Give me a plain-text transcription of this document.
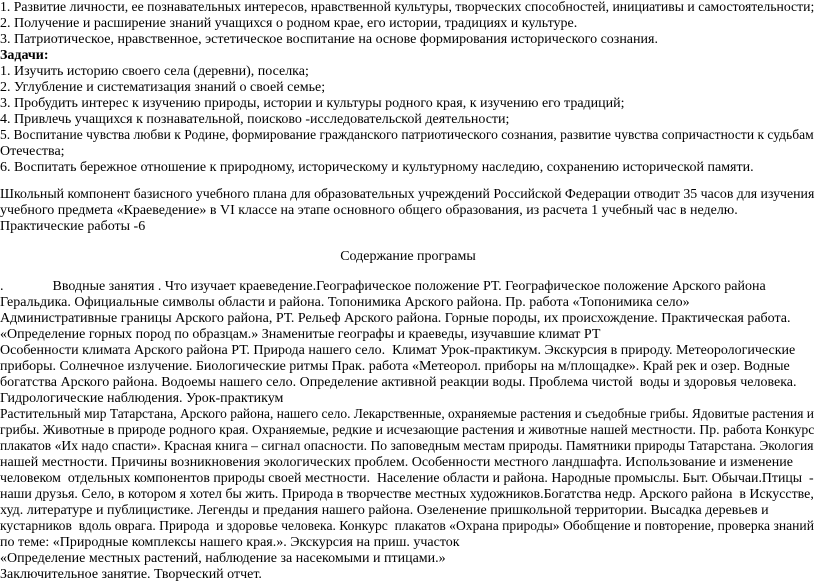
1. Развитие личности, ее познавательных интересов, нравственной культуры, творческих способностей, инициативы и самостоятельности;
2. Получение и расширение знаний учащихся о родном крае, его истории, традициях и культуре.
3. Патриотическое, нравственное, эстетическое воспитание на основе формирования исторического сознания.
Задачи:
1. Изучить историю своего села (деревни), поселка;
2. Углубление и систематизация знаний о своей семье;
3. Пробудить интерес к изучению природы, истории и культуры родного края, к изучению его традиций;
4. Привлечь учащихся к познавательной, поисково -исследовательской деятельности;
5. Воспитание чувства любви к Родине, формирование гражданского патриотического сознания, развитие чувства сопричастности к судьбам
Отечества;
6. Воспитать бережное отношение к природному, историческому и культурному наследию, сохранению исторической памяти.
Школьный компонент базисного учебного плана для образовательных учреждений Российской Федерации отводит 35 часов для изучения
учебного предмета «Краеведение» в VI классе на этапе основного общего образования, из расчета 1 учебный час в неделю.
Практические работы -6
Содержание програмы
.              Вводные занятия . Что изучает краеведение.Географическое положение РТ. Географическое положение Арского района
Геральдика. Официальные символы области и района. Топонимика Арского района. Пр. работа «Топонимика село»
Административные границы Арского района, РТ. Рельеф Арского района. Горные породы, их происхождение. Практическая работа.
«Определение горных пород по образцам.» Знаменитые географы и краеведы, изучавшие климат РТ
Особенности климата Арского района РТ. Природа нашего село.  Климат Урок-практикум. Экскурсия в природу. Метеорологические
приборы. Солнечное излучение. Биологические ритмы Прак. работа «Метеорол. приборы на м/площадке». Край рек и озер. Водные
богатства Арского района. Водоемы нашего село. Определение активной реакции воды. Проблема чистой  воды и здоровья человека.
Гидрологические наблюдения. Урок-практикум
Растительный мир Татарстана, Арского района, нашего село. Лекарственные, охраняемые растения и съедобные грибы. Ядовитые растения и
грибы. Животные в природе родного края. Охраняемые, редкие и исчезающие растения и животные нашей местности. Пр. работа Конкурс
плакатов «Их надо спасти». Красная книга – сигнал опасности. По заповедным местам природы. Памятники природы Татарстана. Экология
нашей местности. Причины возникновения экологических проблем. Особенности местного ландшафта. Использование и изменение
человеком  отдельных компонентов природы своей местности.  Население области и района. Народные промыслы. Быт. Обычаи.Птицы  -
наши друзья. Село, в котором я хотел бы жить. Природа в творчестве местных художников.Богатства недр. Арского района  в Искусстве,
худ. литературе и публицистике. Легенды и предания нашего района. Озеленение пришкольной территории. Высадка деревьев и
кустарников  вдоль оврага. Природа  и здоровье человека. Конкурс  плакатов «Охрана природы» Обобщение и повторение, проверка знаний
по теме: «Природные комплексы нашего края.». Экскурсия на приш. участок
«Определение местных растений, наблюдение за насекомыми и птицами.»
Заключительное занятие. Творческий отчет.
